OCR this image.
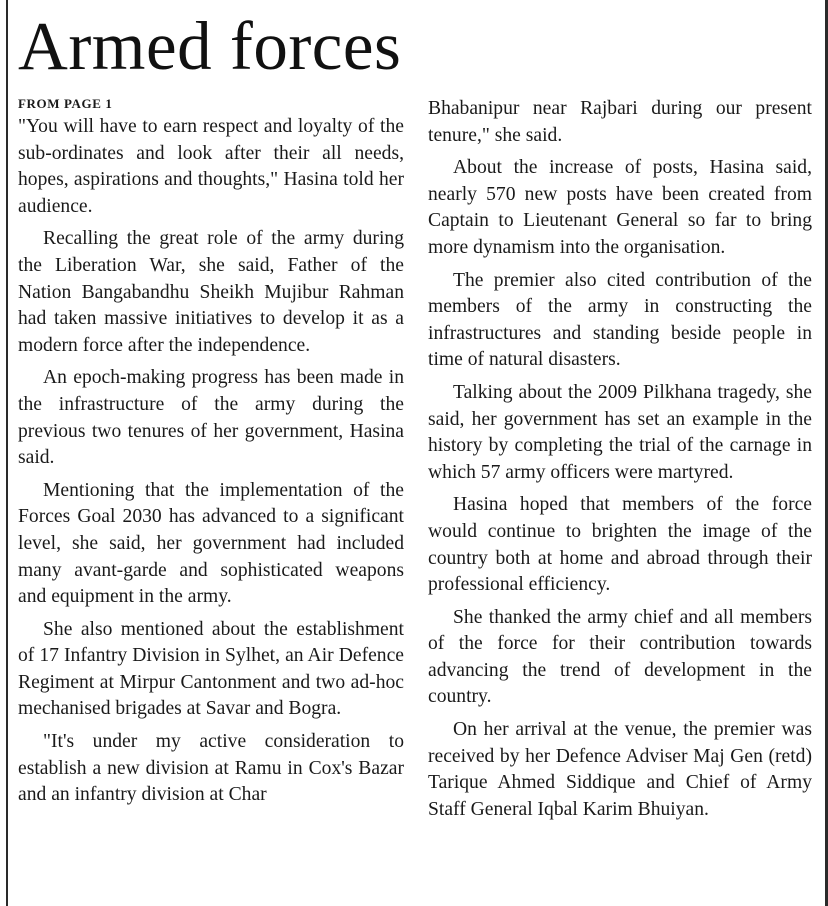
Armed forces
FROM PAGE 1

"You will have to earn respect and loyalty of the sub-ordinates and look after their all needs, hopes, aspirations and thoughts," Hasina told her audience.

Recalling the great role of the army during the Liberation War, she said, Father of the Nation Bangabandhu Sheikh Mujibur Rahman had taken massive initiatives to develop it as a modern force after the independence.

An epoch-making progress has been made in the infrastructure of the army during the previous two tenures of her government, Hasina said.

Mentioning that the implementation of the Forces Goal 2030 has advanced to a significant level, she said, her government had included many avant-garde and sophisticated weapons and equipment in the army.

She also mentioned about the establishment of 17 Infantry Division in Sylhet, an Air Defence Regiment at Mirpur Cantonment and two ad-hoc mechanised brigades at Savar and Bogra.

"It's under my active consideration to establish a new division at Ramu in Cox's Bazar and an infantry division at Char

Bhabanipur near Rajbari during our present tenure," she said.

About the increase of posts, Hasina said, nearly 570 new posts have been created from Captain to Lieutenant General so far to bring more dynamism into the organisation.

The premier also cited contribution of the members of the army in constructing the infrastructures and standing beside people in time of natural disasters.

Talking about the 2009 Pilkhana tragedy, she said, her government has set an example in the history by completing the trial of the carnage in which 57 army officers were martyred.

Hasina hoped that members of the force would continue to brighten the image of the country both at home and abroad through their professional efficiency.

She thanked the army chief and all members of the force for their contribution towards advancing the trend of development in the country.

On her arrival at the venue, the premier was received by her Defence Adviser Maj Gen (retd) Tarique Ahmed Siddique and Chief of Army Staff General Iqbal Karim Bhuiyan.
